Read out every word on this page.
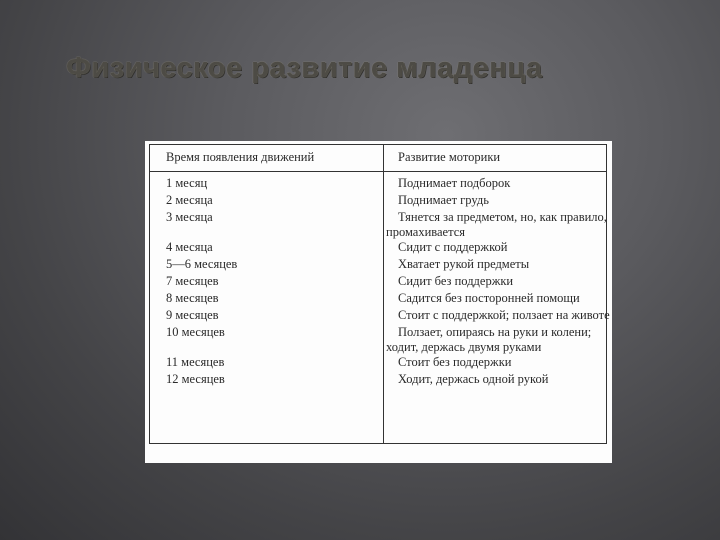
Физическое развитие младенца
Время появления движений	Развитие моторики
1 месяц
2 месяца
3 месяца
4 месяца
5—6 месяцев
7 месяцев
8 месяцев
9 месяцев
10 месяцев
11 месяцев
12 месяцев
Поднимает подборок
Поднимает грудь
Тянется за предметом, но, как правило,
промахивается
Сидит с поддержкой
Хватает рукой предметы
Сидит без поддержки
Садится без посторонней помощи
Стоит с поддержкой; ползает на животе
Ползает, опираясь на руки и колени;
ходит, держась двумя руками
Стоит без поддержки
Ходит, держась одной рукой
